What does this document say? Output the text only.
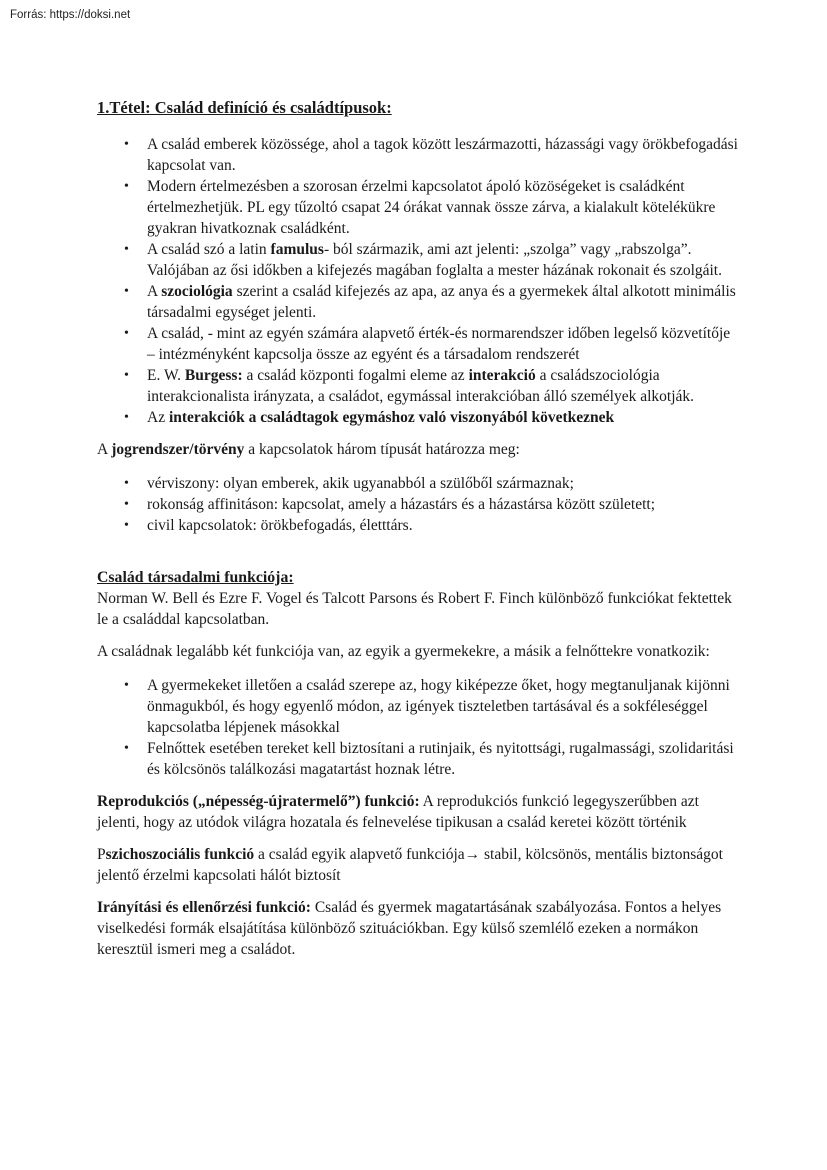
Forrás: https://doksi.net
1.Tétel: Család definíció és családtípusok:
•	A család emberek közössége, ahol a tagok között leszármazotti, házassági vagy örökbefogadási kapcsolat van.
•	Modern értelmezésben a szorosan érzelmi kapcsolatot ápoló közöségeket is családként értelmezhetjük. PL egy tűzoltó csapat 24 órákat vannak össze zárva, a kialakult kötelékükre gyakran hivatkoznak családként.
•	A család szó a latin famulus- ból származik, ami azt jelenti: „szolga” vagy „rabszolga”. Valójában az ősi időkben a kifejezés magában foglalta a mester házának rokonait és szolgáit.
•	A szociológia szerint a család kifejezés az apa, az anya és a gyermekek által alkotott minimális társadalmi egységet jelenti.
•	A család, - mint az egyén számára alapvető érték-és normarendszer időben legelső közvetítője – intézményként kapcsolja össze az egyént és a társadalom rendszerét
•	E. W. Burgess: a család központi fogalmi eleme az interakció a családszociológia interakcionalista irányzata, a családot, egymással interakcióban álló személyek alkotják.
•	Az interakciók a családtagok egymáshoz való viszonyából következnek
A jogrendszer/törvény a kapcsolatok három típusát határozza meg:
•	vérviszony: olyan emberek, akik ugyanabból a szülőből származnak;
•	rokonság affinitáson: kapcsolat, amely a házastárs és a házastársa között született;
•	civil kapcsolatok: örökbefogadás, életttárs.
Család társadalmi funkciója:
Norman W. Bell és Ezre F. Vogel és Talcott Parsons és Robert F. Finch különböző funkciókat fektettek le a családdal kapcsolatban.
A családnak legalább két funkciója van, az egyik a gyermekekre, a másik a felnőttekre vonatkozik:
•	A gyermekeket illetően a család szerepe az, hogy kiképezze őket, hogy megtanuljanak kijönni önmagukból, és hogy egyenlő módon, az igények tiszteletben tartásával és a sokféleséggel kapcsolatba lépjenek másokkal
•	Felnőttek esetében tereket kell biztosítani a rutinjaik, és nyitottsági, rugalmassági, szolidaritási és kölcsönös találkozási magatartást hoznak létre.
Reprodukciós („népesség-újratermelő”) funkció: A reprodukciós funkció legegyszerűbben azt jelenti, hogy az utódok világra hozatala és felnevelése tipikusan a család keretei között történik
Pszichoszociális funkció a család egyik alapvető funkciója→ stabil, kölcsönös, mentális biztonságot jelentő érzelmi kapcsolati hálót biztosít
Irányítási és ellenőrzési funkció: Család és gyermek magatartásának szabályozása. Fontos a helyes viselkedési formák elsajátítása különböző szituációkban. Egy külső szemlélő ezeken a normákon keresztül ismeri meg a családot.
